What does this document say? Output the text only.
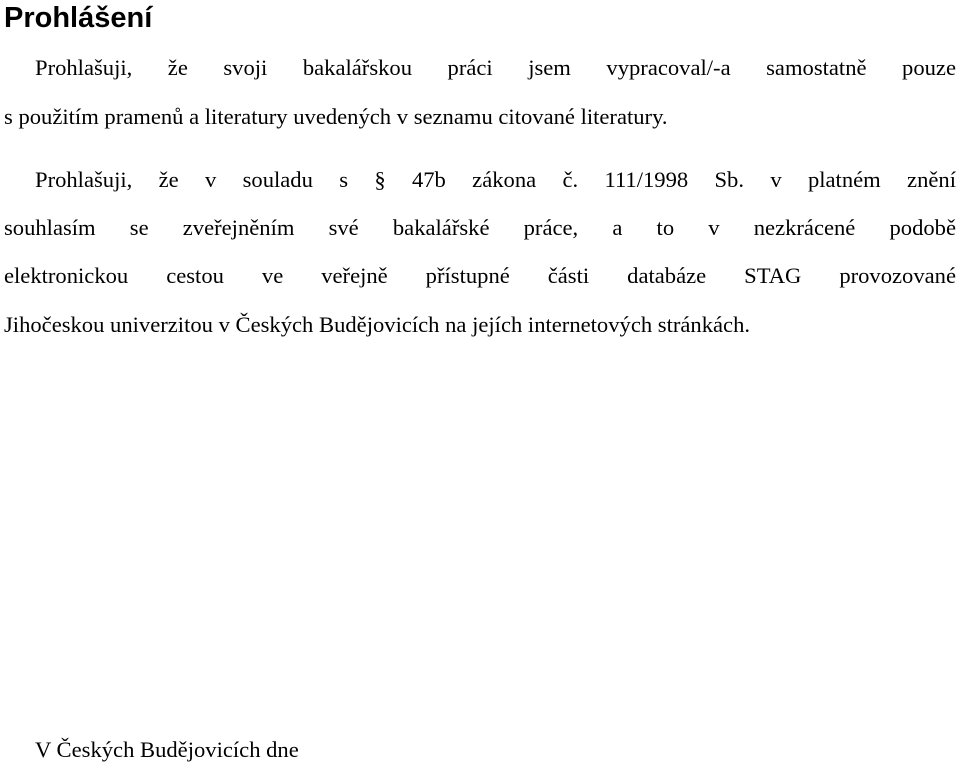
Prohlášení
Prohlašuji, že svoji bakalářskou práci jsem vypracoval/-a samostatně pouze
s použitím pramenů a literatury uvedených v seznamu citované literatury.
Prohlašuji, že v souladu s § 47b zákona č. 111/1998 Sb. v platném znění
souhlasím se zveřejněním své bakalářské práce, a to v nezkrácené podobě
elektronickou cestou ve veřejně přístupné části databáze STAG provozované
Jihočeskou univerzitou v Českých Budějovicích na jejích internetových stránkách.
V Českých Budějovicích dne
